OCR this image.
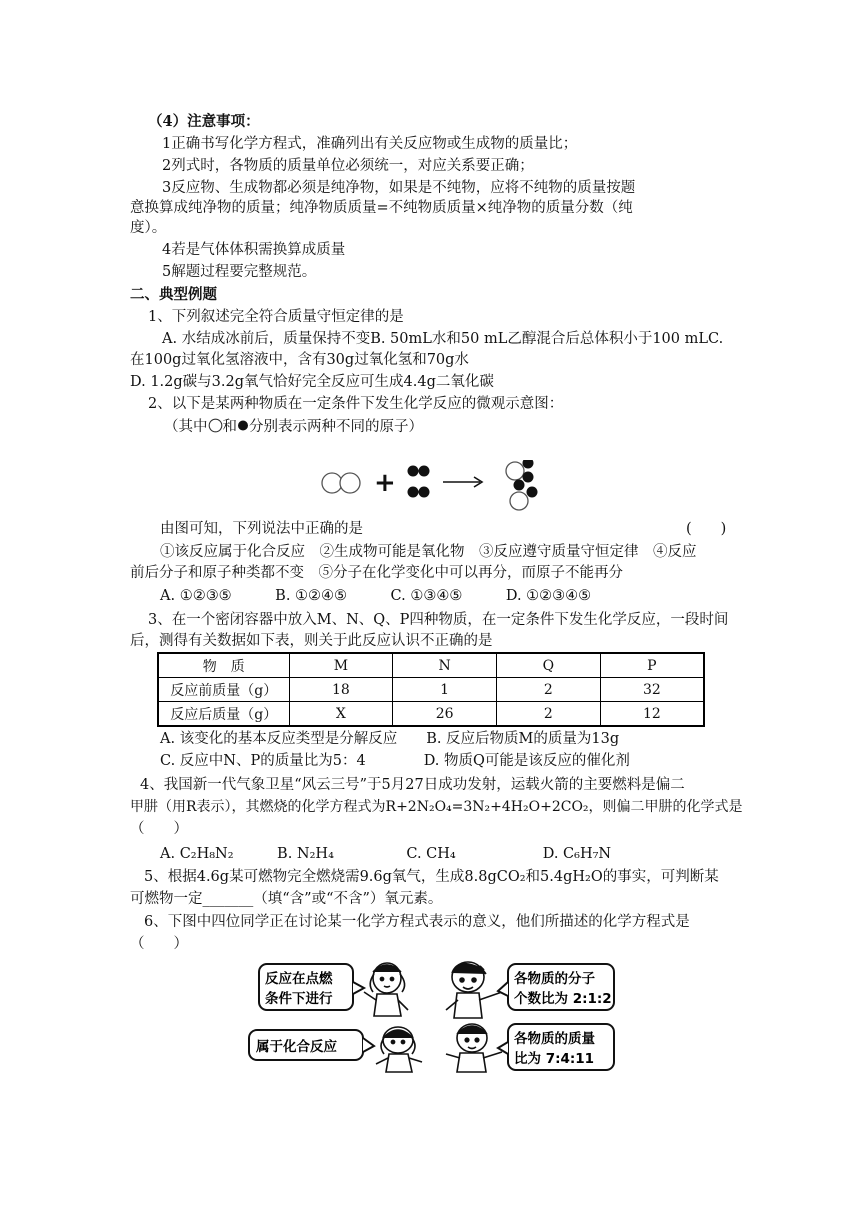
（4）注意事项：
1正确书写化学方程式，准确列出有关反应物或生成物的质量比；
2列式时，各物质的质量单位必须统一，对应关系要正确；
3反应物、生成物都必须是纯净物，如果是不纯物，应将不纯物的质量按题
意换算成纯净物的质量；纯净物质质量=不纯物质质量×纯净物的质量分数（纯
度）。
4若是气体体积需换算成质量
5解题过程要完整规范。
二、典型例题
1、下列叙述完全符合质量守恒定律的是
A. 水结成冰前后，质量保持不变B. 50mL水和50 mL乙醇混合后总体积小于100 mLC.
在100g过氧化氢溶液中，含有30g过氧化氢和70g水
D. 1.2g碳与3.2g氧气恰好完全反应可生成4.4g二氧化碳
2、以下是某两种物质在一定条件下发生化学反应的微观示意图：
（其中 和 分别表示两种不同的原子）
+
由图可知，下列说法中正确的是	(　　)
①该反应属于化合反应　②生成物可能是氧化物　③反应遵守质量守恒定律　④反应
前后分子和原子种类都不变　⑤分子在化学变化中可以再分，而原子不能再分
A. ①②③⑤　　　B. ①②④⑤　　　C. ①③④⑤　　　D. ①②③④⑤
3、在一个密闭容器中放入M、N、Q、P四种物质，在一定条件下发生化学反应，一段时间
后，测得有关数据如下表，则关于此反应认识不正确的是
物　质	M	N	Q	P
反应前质量（g）	18	1	2	32
反应后质量（g）	X	26	2	12
A. 该变化的基本反应类型是分解反应　　B. 反应后物质M的质量为13g
C. 反应中N、P的质量比为5：4　　　　D. 物质Q可能是该反应的催化剂
4、我国新一代气象卫星“风云三号”于5月27日成功发射，运载火箭的主要燃料是偏二
甲肼（用R表示），其燃烧的化学方程式为R+2N₂O₄=3N₂+4H₂O+2CO₂，则偏二甲肼的化学式是
（　　）
A. C₂H₈N₂　　　B. N₂H₄　　　　　C. CH₄　　　　　　D. C₆H₇N
5、根据4.6g某可燃物完全燃烧需9.6g氧气，生成8.8gCO₂和5.4gH₂O的事实，可判断某
可燃物一定_______（填“含”或“不含”）氧元素。
6、下图中四位同学正在讨论某一化学方程式表示的意义，他们所描述的化学方程式是
（　　）
反应在点燃
条件下进行
各物质的分子
个数比为 2:1:2
属于化合反应	各物质的质量
比为 7:4:11
